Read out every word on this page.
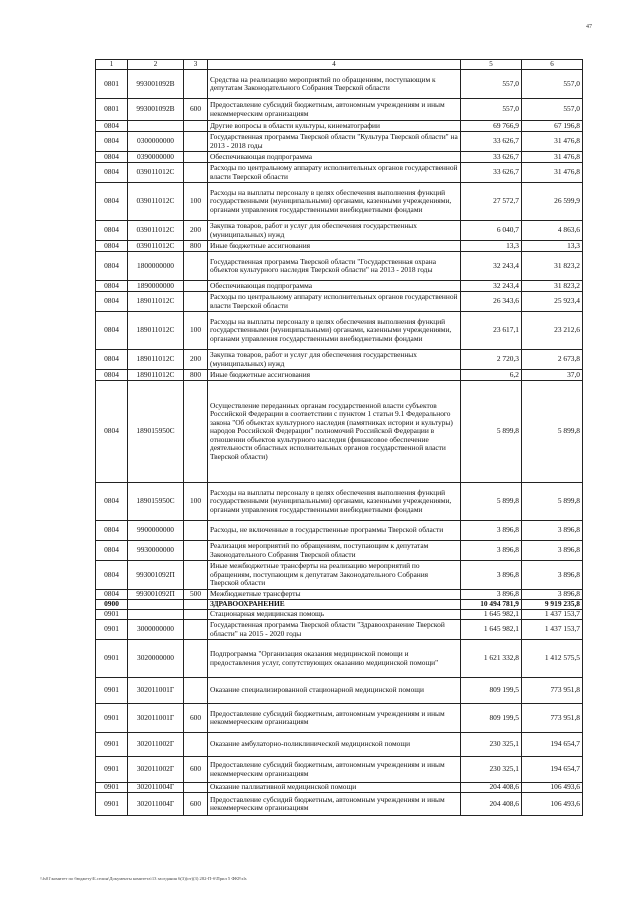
47
1	2	3	4	5	6
0801	993001092В		Средства на реализацию мероприятий по обращениям, поступающим к депутатам Законодательного Собрания Тверской области	557,0	557,0
0801	993001092В	600	Предоставление субсидий бюджетным, автономным учреждениям и иным некоммерческим организациям	557,0	557,0
0804			Другие вопросы в области культуры, кинематографии	69 766,9	67 196,8
0804	0300000000		Государственная программа Тверской области "Культура Тверской области" на 2013 - 2018 годы	33 626,7	31 476,8
0804	0390000000		Обеспечивающая подпрограмма	33 626,7	31 476,8
0804	039011012С		Расходы по центральному аппарату исполнительных органов государственной власти Тверской области	33 626,7	31 476,8
0804	039011012С	100	Расходы на выплаты персоналу в целях обеспечения выполнения функций государственными (муниципальными) органами, казенными учреждениями, органами управления государственными внебюджетными фондами	27 572,7	26 599,9
0804	039011012С	200	Закупка товаров, работ и услуг для обеспечения государственных (муниципальных) нужд	6 040,7	4 863,6
0804	039011012С	800	Иные бюджетные ассигнования	13,3	13,3
0804	1800000000		Государственная программа Тверской области "Государственная охрана объектов культурного наследия Тверской области" на 2013 - 2018 годы	32 243,4	31 823,2
0804	1890000000		Обеспечивающая подпрограмма	32 243,4	31 823,2
0804	189011012С		Расходы по центральному аппарату исполнительных органов государственной власти Тверской области	26 343,6	25 923,4
0804	189011012С	100	Расходы на выплаты персоналу в целях обеспечения выполнения функций государственными (муниципальными) органами, казенными учреждениями, органами управления государственными внебюджетными фондами	23 617,1	23 212,6
0804	189011012С	200	Закупка товаров, работ и услуг для обеспечения государственных (муниципальных) нужд	2 720,3	2 673,8
0804	189011012С	800	Иные бюджетные ассигнования	6,2	37,0
0804	189015950С		Осуществление переданных органам государственной власти субъектов Российской Федерации в соответствии с пунктом 1 статьи 9.1 Федерального закона "Об объектах культурного наследия (памятниках истории и культуры) народов Российской Федерации" полномочий Российской Федерации в отношении объектов культурного наследия (финансовое обеспечение деятельности областных исполнительных органов государственной власти Тверской области)	5 899,8	5 899,8
0804	189015950С	100	Расходы на выплаты персоналу в целях обеспечения выполнения функций государственными (муниципальными) органами, казенными учреждениями, органами управления государственными внебюджетными фондами	5 899,8	5 899,8
0804	9900000000		Расходы, не включенные в государственные программы Тверской области	3 896,8	3 896,8
0804	9930000000		Реализация мероприятий по обращениям, поступающим к депутатам Законодательного Собрания Тверской области	3 896,8	3 896,8
0804	993001092П		Иные межбюджетные трансферты на реализацию мероприятий по обращениям, поступающим к депутатам Законодательного Собрания Тверской области	3 896,8	3 896,8
0804	993001092П	500	Межбюджетные трансферты	3 896,8	3 896,8
0900			ЗДРАВООХРАНЕНИЕ	10 494 781,9	9 919 235,8
0901			Стационарная медицинская помощь	1 645 982,1	1 437 153,7
0901	3000000000		Государственная программа Тверской области "Здравоохранение Тверской области" на 2015 - 2020 годы	1 645 982,1	1 437 153,7
0901	3020000000		Подпрограмма "Организация оказания медицинской помощи и предоставления услуг, сопутствующих оказанию медицинской помощи"	1 621 332,8	1 412 575,5
0901	302011001Г		Оказание специализированной стационарной медицинской помощи	809 199,5	773 951,8
0901	302011001Г	600	Предоставление субсидий бюджетным, автономным учреждениям и иным некоммерческим организациям	809 199,5	773 951,8
0901	302011002Г		Оказание амбулаторно-поликлинической медицинской помощи	230 325,1	194 654,7
0901	302011002Г	600	Предоставление субсидий бюджетным, автономным учреждениям и иным некоммерческим организациям	230 325,1	194 654,7
0901	302011004Г		Оказание паллиативной медицинской помощи	204 408,6	106 493,6
0901	302011004Г	600	Предоставление субсидий бюджетным, автономным учреждениям и иным некоммерческим организациям	204 408,6	106 493,6
\\fs01\комитет по бюджету\Б.селин\Документы комитета\13 заседания 6(3)(от)(3) 282-П-б\Прил 5 ФКР.xls
